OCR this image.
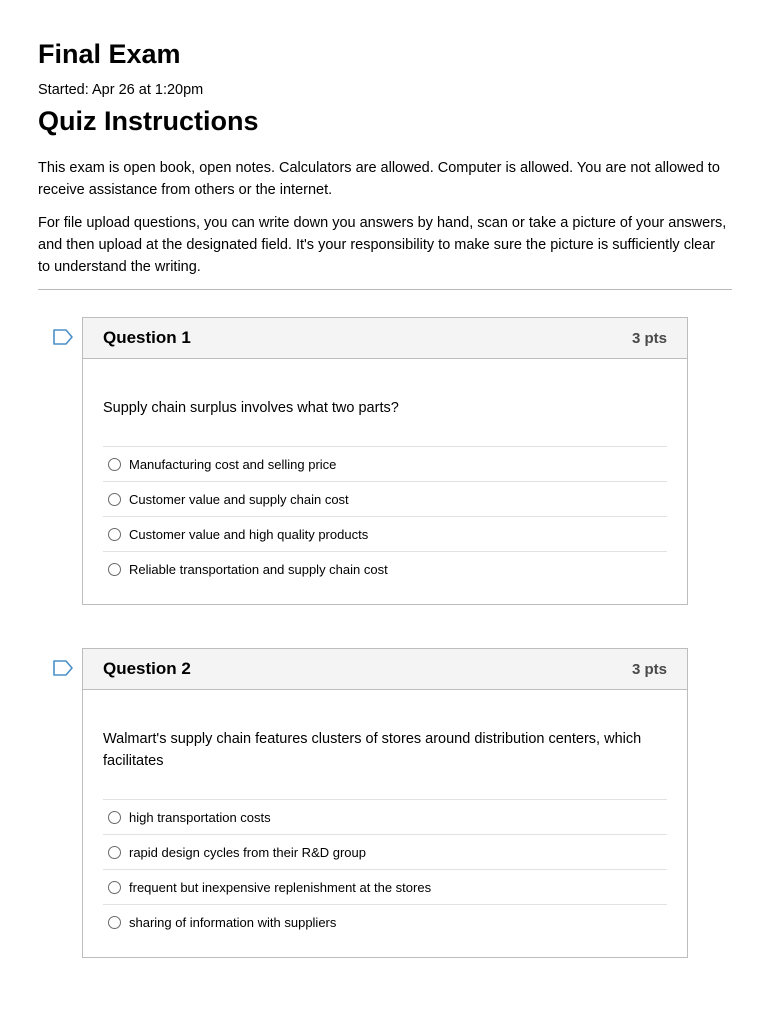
Final Exam
Started: Apr 26 at 1:20pm
Quiz Instructions

This exam is open book, open notes. Calculators are allowed. Computer is allowed. You are not allowed to receive assistance from others or the internet.

For file upload questions, you can write down you answers by hand, scan or take a picture of your answers, and then upload at the designated field. It's your responsibility to make sure the picture is sufficiently clear to understand the writing.

Question 1	3 pts
Supply chain surplus involves what two parts?
Manufacturing cost and selling price
Customer value and supply chain cost
Customer value and high quality products
Reliable transportation and supply chain cost
Question 2	3 pts
Walmart's supply chain features clusters of stores around distribution centers, which facilitates
high transportation costs
rapid design cycles from their R&D group
frequent but inexpensive replenishment at the stores
sharing of information with suppliers
